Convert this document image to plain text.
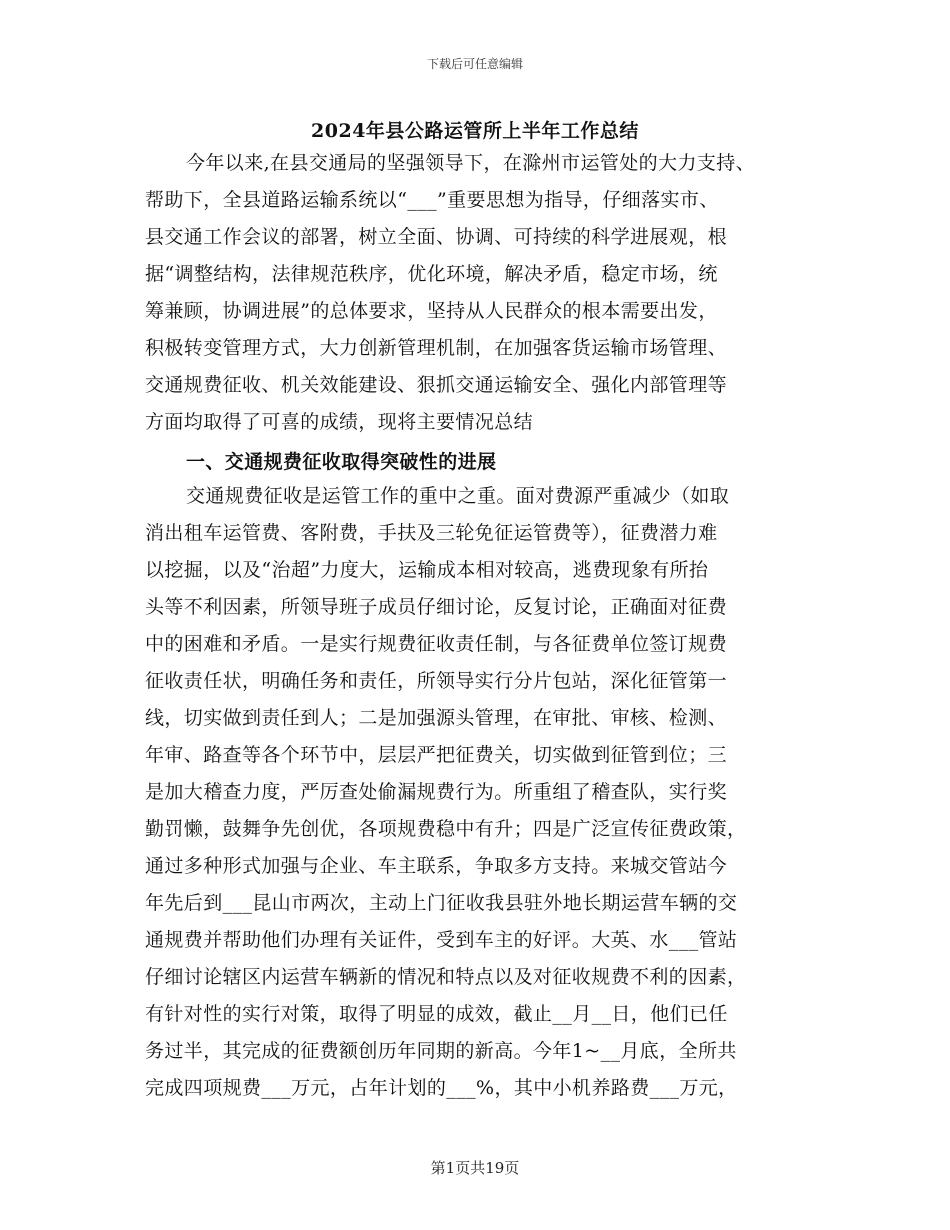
下载后可任意编辑
2024年县公路运管所上半年工作总结
今年以来,在县交通局的坚强领导下，在滁州市运管处的大力支持、
帮助下，全县道路运输系统以“___”重要思想为指导，仔细落实市、
县交通工作会议的部署，树立全面、协调、可持续的科学进展观，根
据“调整结构，法律规范秩序，优化环境，解决矛盾，稳定市场，统
筹兼顾，协调进展”的总体要求，坚持从人民群众的根本需要出发，
积极转变管理方式，大力创新管理机制，在加强客货运输市场管理、
交通规费征收、机关效能建设、狠抓交通运输安全、强化内部管理等
方面均取得了可喜的成绩，现将主要情况总结
一、交通规费征收取得突破性的进展
交通规费征收是运管工作的重中之重。面对费源严重减少（如取
消出租车运管费、客附费，手扶及三轮免征运管费等），征费潜力难
以挖掘，以及“治超”力度大，运输成本相对较高，逃费现象有所抬
头等不利因素，所领导班子成员仔细讨论，反复讨论，正确面对征费
中的困难和矛盾。一是实行规费征收责任制，与各征费单位签订规费
征收责任状，明确任务和责任，所领导实行分片包站，深化征管第一
线，切实做到责任到人；二是加强源头管理，在审批、审核、检测、
年审、路查等各个环节中，层层严把征费关，切实做到征管到位；三
是加大稽查力度，严厉查处偷漏规费行为。所重组了稽查队，实行奖
勤罚懒，鼓舞争先创优，各项规费稳中有升；四是广泛宣传征费政策，
通过多种形式加强与企业、车主联系，争取多方支持。来城交管站今
年先后到___昆山市两次，主动上门征收我县驻外地长期运营车辆的交
通规费并帮助他们办理有关证件，受到车主的好评。大英、水___管站
仔细讨论辖区内运营车辆新的情况和特点以及对征收规费不利的因素，
有针对性的实行对策，取得了明显的成效，截止__月__日，他们已任
务过半，其完成的征费额创历年同期的新高。今年1~__月底，全所共
完成四项规费___万元，占年计划的___%，其中小机养路费___万元，
第1页共19页
